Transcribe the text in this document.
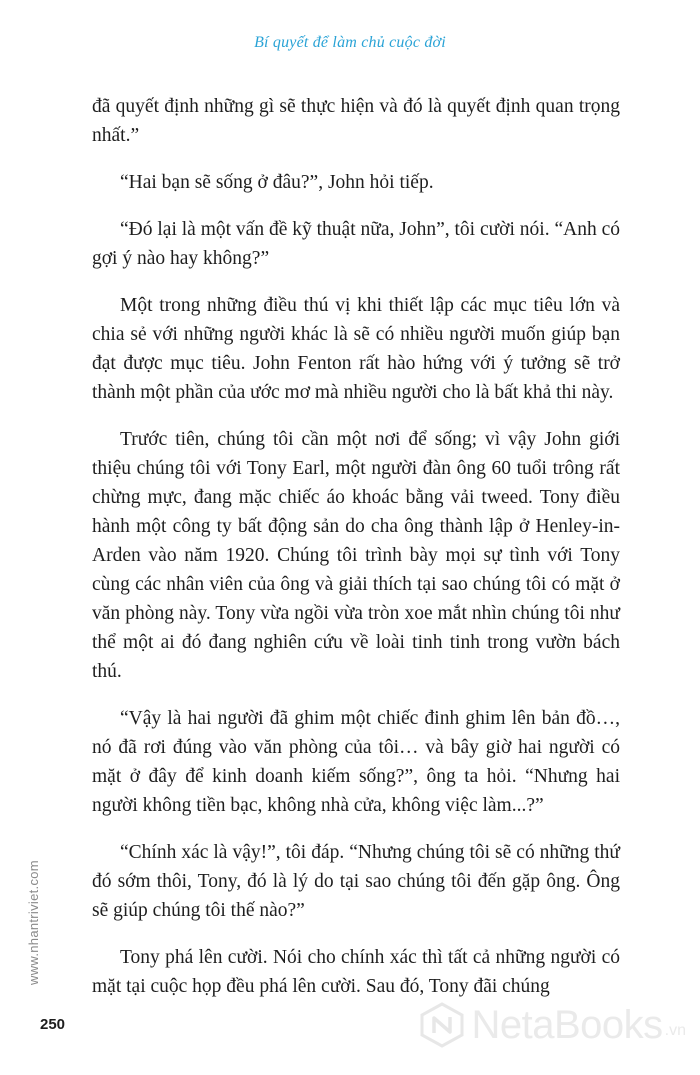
Bí quyết để làm chủ cuộc đời

đã quyết định những gì sẽ thực hiện và đó là quyết định quan trọng nhất.”

“Hai bạn sẽ sống ở đâu?”, John hỏi tiếp.

“Đó lại là một vấn đề kỹ thuật nữa, John”, tôi cười nói. “Anh có gợi ý nào hay không?”

Một trong những điều thú vị khi thiết lập các mục tiêu lớn và chia sẻ với những người khác là sẽ có nhiều người muốn giúp bạn đạt được mục tiêu. John Fenton rất hào hứng với ý tưởng sẽ trở thành một phần của ước mơ mà nhiều người cho là bất khả thi này.

Trước tiên, chúng tôi cần một nơi để sống; vì vậy John giới thiệu chúng tôi với Tony Earl, một người đàn ông 60 tuổi trông rất chừng mực, đang mặc chiếc áo khoác bằng vải tweed. Tony điều hành một công ty bất động sản do cha ông thành lập ở Henley-in-Arden vào năm 1920. Chúng tôi trình bày mọi sự tình với Tony cùng các nhân viên của ông và giải thích tại sao chúng tôi có mặt ở văn phòng này. Tony vừa ngồi vừa tròn xoe mắt nhìn chúng tôi như thể một ai đó đang nghiên cứu về loài tinh tinh trong vườn bách thú.

“Vậy là hai người đã ghim một chiếc đinh ghim lên bản đồ…, nó đã rơi đúng vào văn phòng của tôi… và bây giờ hai người có mặt ở đây để kinh doanh kiếm sống?”, ông ta hỏi. “Nhưng hai người không tiền bạc, không nhà cửa, không việc làm...?”

“Chính xác là vậy!”, tôi đáp. “Nhưng chúng tôi sẽ có những thứ đó sớm thôi, Tony, đó là lý do tại sao chúng tôi đến gặp ông. Ông sẽ giúp chúng tôi thế nào?”

Tony phá lên cười. Nói cho chính xác thì tất cả những người có mặt tại cuộc họp đều phá lên cười. Sau đó, Tony đãi chúng

www.nhantriviet.com
250	NetaBooks .vn
